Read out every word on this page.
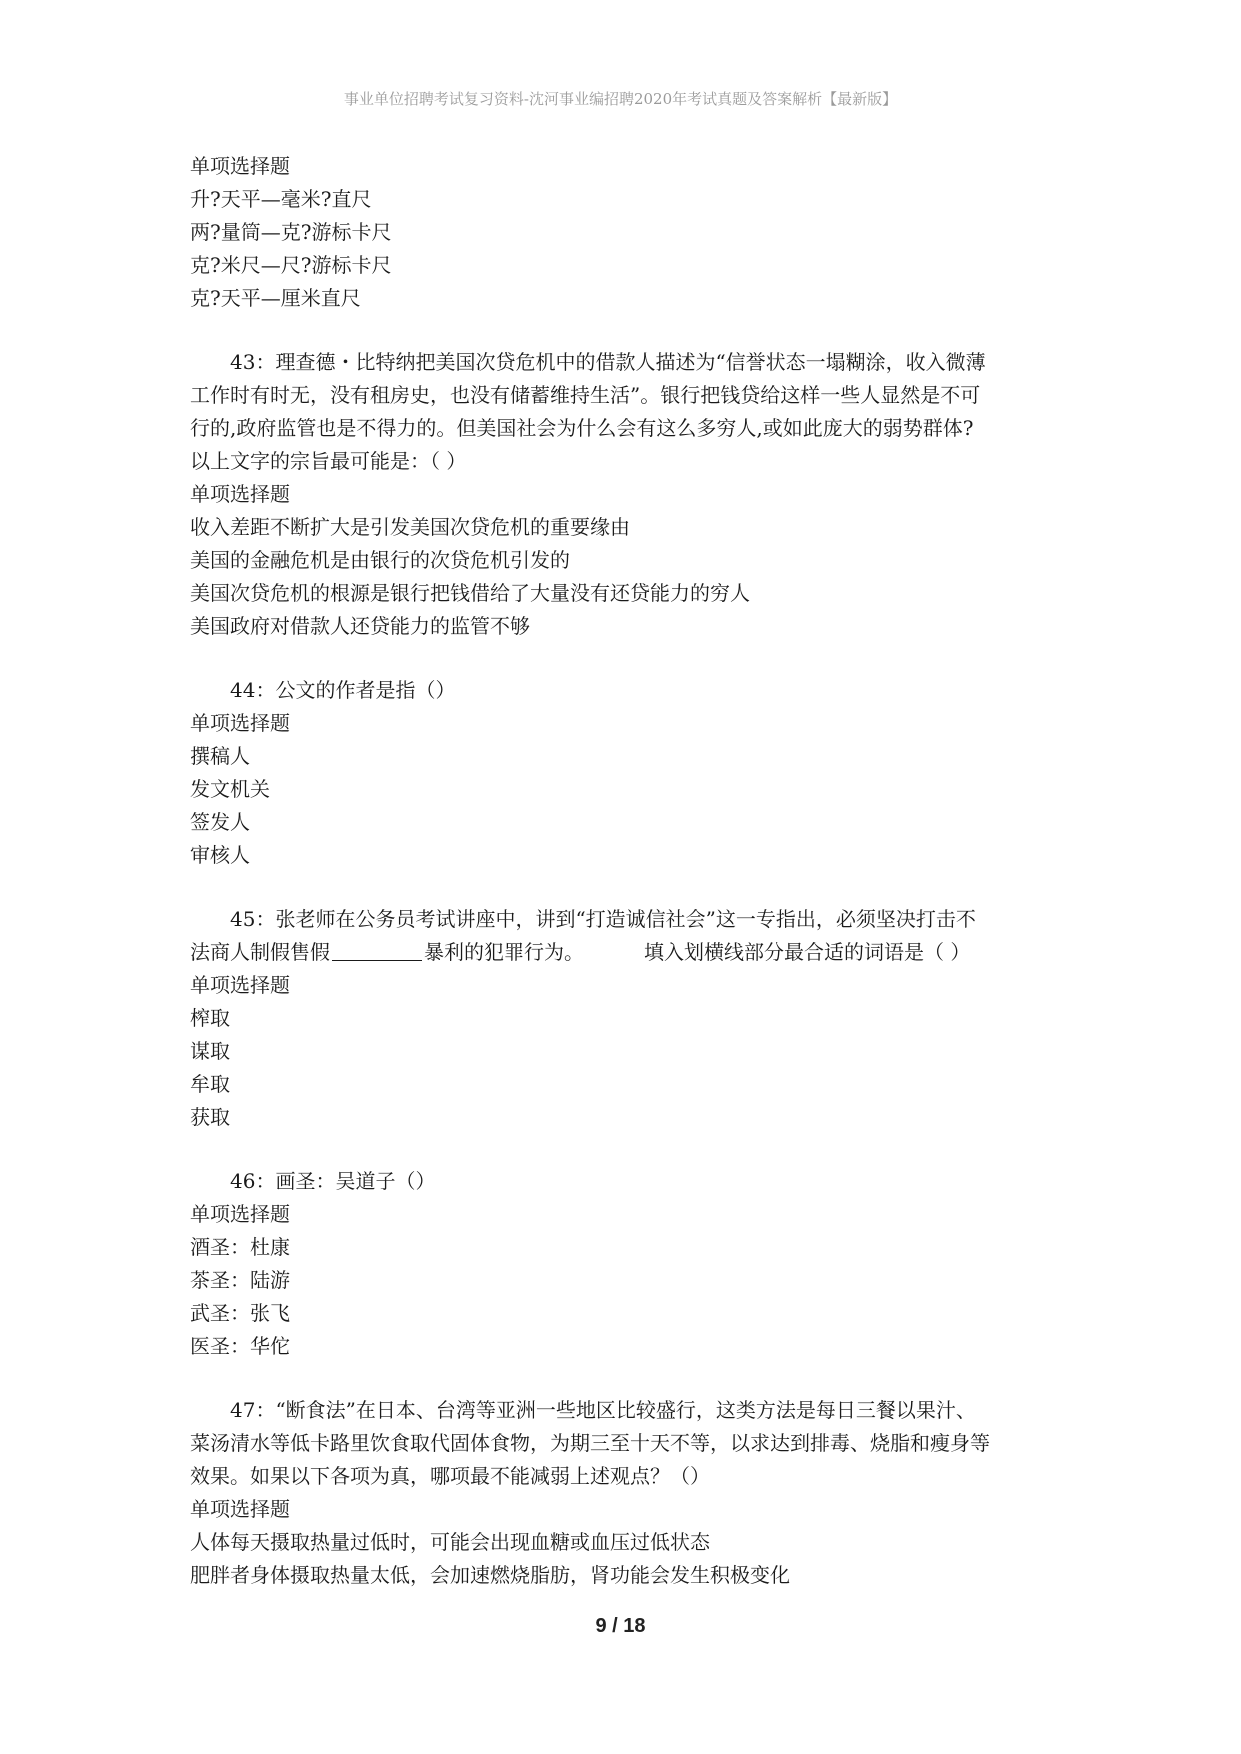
事业单位招聘考试复习资料-沈河事业编招聘2020年考试真题及答案解析【最新版】
单项选择题
升?天平—毫米?直尺
两?量筒—克?游标卡尺
克?米尺—尺?游标卡尺
克?天平—厘米直尺
43：理查德・比特纳把美国次贷危机中的借款人描述为“信誉状态一塌糊涂，收入微薄
工作时有时无，没有租房史，也没有储蓄维持生活”。银行把钱贷给这样一些人显然是不可
行的,政府监管也是不得力的。但美国社会为什么会有这么多穷人,或如此庞大的弱势群体?
以上文字的宗旨最可能是：（ ）
单项选择题
收入差距不断扩大是引发美国次贷危机的重要缘由
美国的金融危机是由银行的次贷危机引发的
美国次贷危机的根源是银行把钱借给了大量没有还贷能力的穷人
美国政府对借款人还贷能力的监管不够
44：公文的作者是指（）
单项选择题
撰稿人
发文机关
签发人
审核人
45：张老师在公务员考试讲座中，讲到“打造诚信社会”这一专指出，必须坚决打击不
法商人制假售假	暴利的犯罪行为。	填入划横线部分最合适的词语是（ ）
单项选择题
榨取
谋取
牟取
获取
46：画圣：吴道子（）
单项选择题
酒圣：杜康
茶圣：陆游
武圣：张飞
医圣：华佗
47：“断食法”在日本、台湾等亚洲一些地区比较盛行，这类方法是每日三餐以果汁、
菜汤清水等低卡路里饮食取代固体食物，为期三至十天不等，以求达到排毒、烧脂和瘦身等
效果。如果以下各项为真，哪项最不能减弱上述观点？（）
单项选择题
人体每天摄取热量过低时，可能会出现血糖或血压过低状态
肥胖者身体摄取热量太低，会加速燃烧脂肪，肾功能会发生积极变化
9 / 18
